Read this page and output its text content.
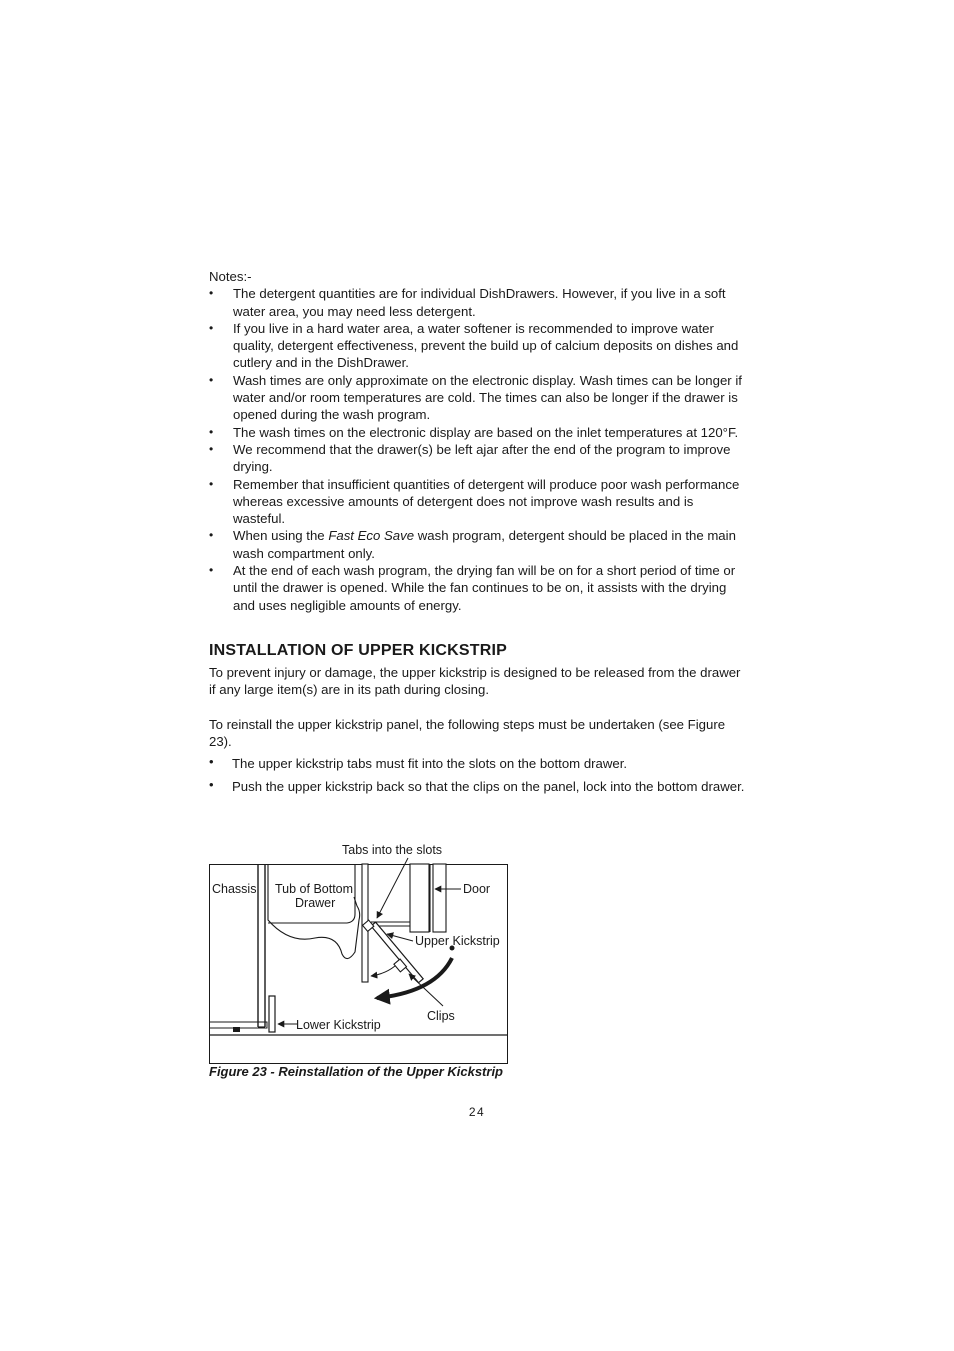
Notes:-
• The detergent quantities are for individual DishDrawers. However, if you live in a soft water area, you may need less detergent.
• If you live in a hard water area, a water softener is recommended to improve water quality, detergent effectiveness, prevent the build up of calcium deposits on dishes and cutlery and in the DishDrawer.
• Wash times are only approximate on the electronic display. Wash times can be longer if water and/or room temperatures are cold. The times can also be longer if the drawer is opened during the wash program.
• The wash times on the electronic display are based on the inlet temperatures at 120°F.
• We recommend that the drawer(s) be left ajar after the end of the program to improve drying.
• Remember that insufficient quantities of detergent will produce poor wash performance whereas excessive amounts of detergent does not improve wash results and is wasteful.
• When using the Fast Eco Save wash program, detergent should be placed in the main wash compartment only.
• At the end of each wash program, the drying fan will be on for a short period of time or until the drawer is opened. While the fan continues to be on, it assists with the drying and uses negligible amounts of energy.
INSTALLATION OF UPPER KICKSTRIP

To prevent injury or damage, the upper kickstrip is designed to be released from the drawer if any large item(s) are in its path during closing.

To reinstall the upper kickstrip panel, the following steps must be undertaken (see Figure 23).

• The upper kickstrip tabs must fit into the slots on the bottom drawer.
• Push the upper kickstrip back so that the clips on the panel, lock into the bottom drawer.
Tabs into the slots
Chassis Tub of Bottom
Drawer
Door
Upper Kickstrip
Clips
Lower Kickstrip
Figure 23 - Reinstallation of the Upper Kickstrip
24
